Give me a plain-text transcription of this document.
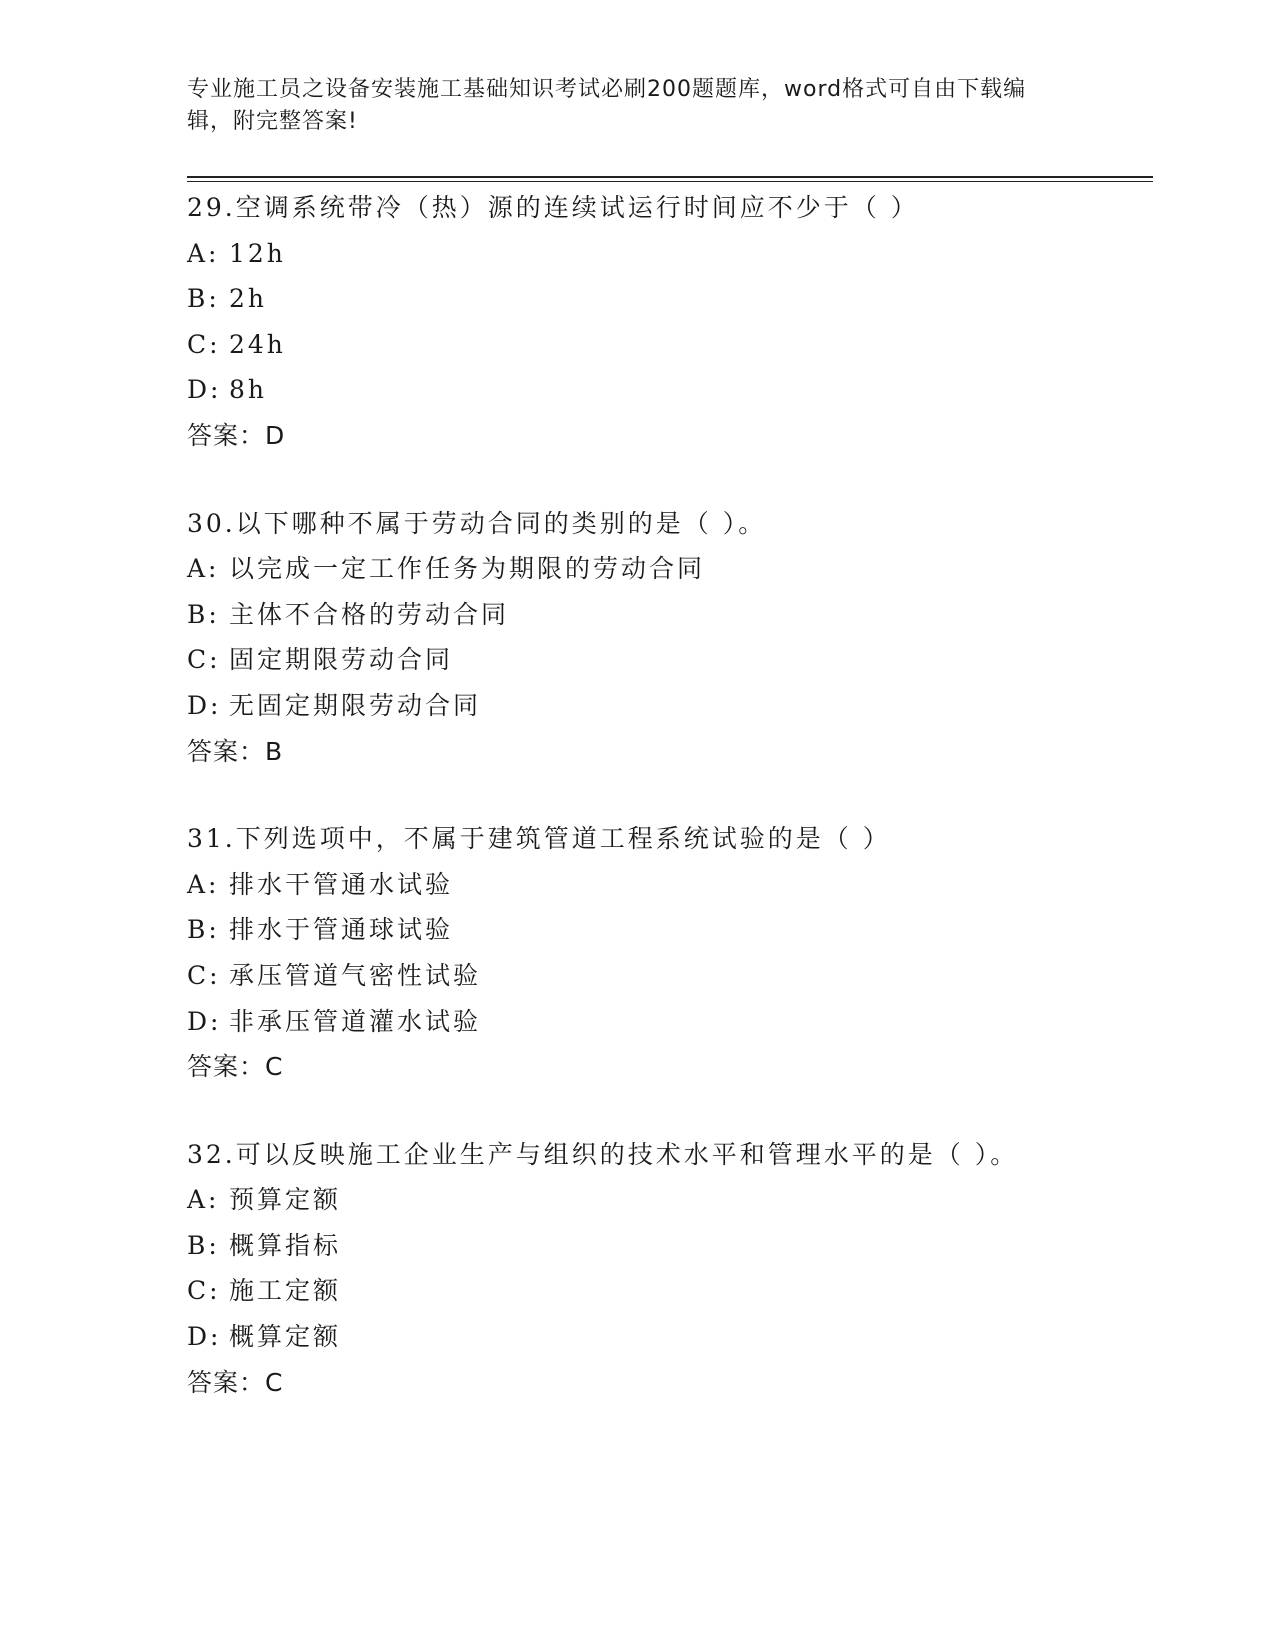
专业施工员之设备安装施工基础知识考试必刷200题题库，word格式可自由下载编辑，附完整答案!
29.空调系统带冷（热）源的连续试运行时间应不少于（ ）
A: 12h
B: 2h
C: 24h
D: 8h
答案：D
30.以下哪种不属于劳动合同的类别的是（ ）。
A: 以完成一定工作任务为期限的劳动合同
B: 主体不合格的劳动合同
C: 固定期限劳动合同
D: 无固定期限劳动合同
答案：B
31.下列选项中，不属于建筑管道工程系统试验的是（ ）
A: 排水干管通水试验
B: 排水于管通球试验
C: 承压管道气密性试验
D: 非承压管道灌水试验
答案：C
32.可以反映施工企业生产与组织的技术水平和管理水平的是（ ）。
A: 预算定额
B: 概算指标
C: 施工定额
D: 概算定额
答案：C
